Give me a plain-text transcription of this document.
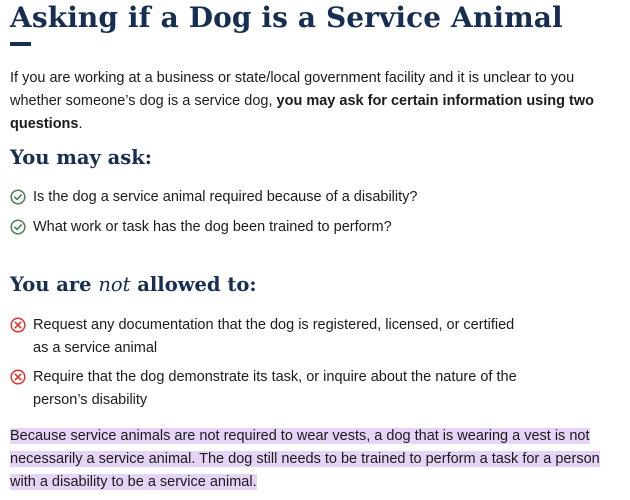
Asking if a Dog is a Service Animal

If you are working at a business or state/local government facility and it is unclear to you whether someone’s dog is a service dog, you may ask for certain information using two questions.

You may ask:
Is the dog a service animal required because of a disability?
What work or task has the dog been trained to perform?
You are not allowed to:
Request any documentation that the dog is registered, licensed, or certified as a service animal
Require that the dog demonstrate its task, or inquire about the nature of the person’s disability

Because service animals are not required to wear vests, a dog that is wearing a vest is not necessarily a service animal. The dog still needs to be trained to perform a task for a person with a disability to be a service animal.
